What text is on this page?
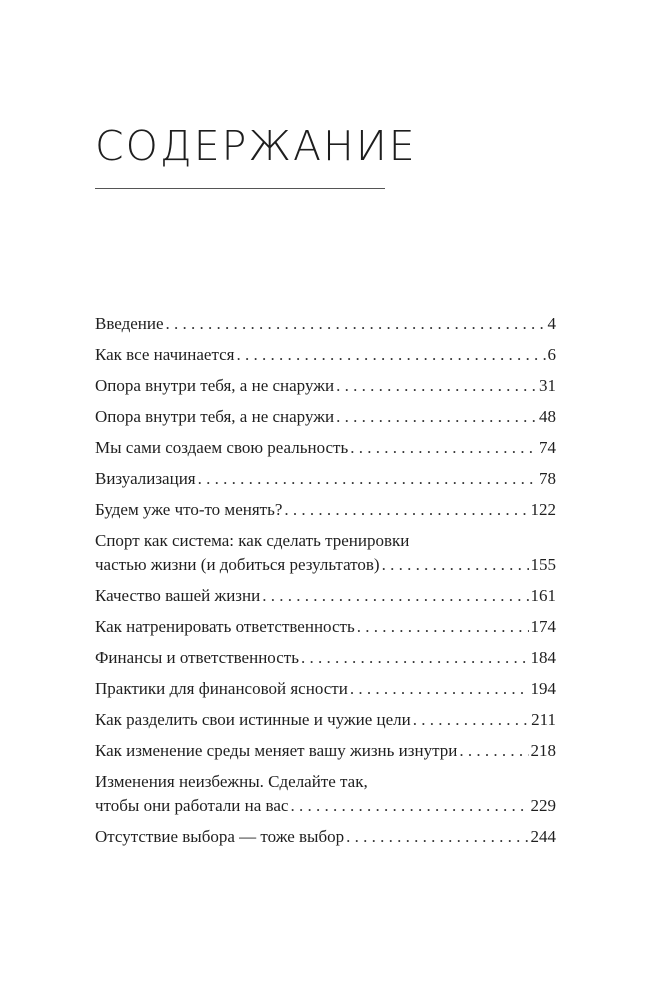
СОДЕРЖАНИЕ
Введение . . .	4
Как все начинается . . .	6
Опора внутри тебя, а не снаружи . . .	31
Опора внутри тебя, а не снаружи . . .	48
Мы сами создаем свою реальность . . .	74
Визуализация . . .	78
Будем уже что-то менять? . . .	122
Спорт как система: как сделать тренировки
частью жизни (и добиться результатов) . . .	155
Качество вашей жизни . . .	161
Как натренировать ответственность . . .	174
Финансы и ответственность . . .	184
Практики для финансовой ясности . . .	194
Как разделить свои истинные и чужие цели . . .	211
Как изменение среды меняет вашу жизнь изнутри . . .	218
Изменения неизбежны. Сделайте так,
чтобы они работали на вас . . .	229
Отсутствие выбора — тоже выбор . . .	244
